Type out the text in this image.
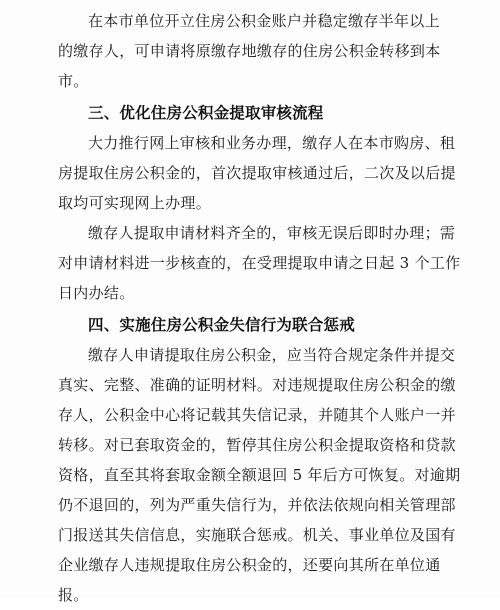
在本市单位开立住房公积金账户并稳定缴存半年以上
的缴存人，可申请将原缴存地缴存的住房公积金转移到本
市。
三、优化住房公积金提取审核流程
大力推行网上审核和业务办理，缴存人在本市购房、租
房提取住房公积金的，首次提取审核通过后，二次及以后提
取均可实现网上办理。
缴存人提取申请材料齐全的，审核无误后即时办理；需
对申请材料进一步核查的，在受理提取申请之日起 3 个工作
日内办结。
四、实施住房公积金失信行为联合惩戒
缴存人申请提取住房公积金，应当符合规定条件并提交
真实、完整、准确的证明材料。对违规提取住房公积金的缴
存人，公积金中心将记载其失信记录，并随其个人账户一并
转移。对已套取资金的，暂停其住房公积金提取资格和贷款
资格，直至其将套取金额全额退回 5 年后方可恢复。对逾期
仍不退回的，列为严重失信行为，并依法依规向相关管理部
门报送其失信信息，实施联合惩戒。机关、事业单位及国有
企业缴存人违规提取住房公积金的，还要向其所在单位通
报。
